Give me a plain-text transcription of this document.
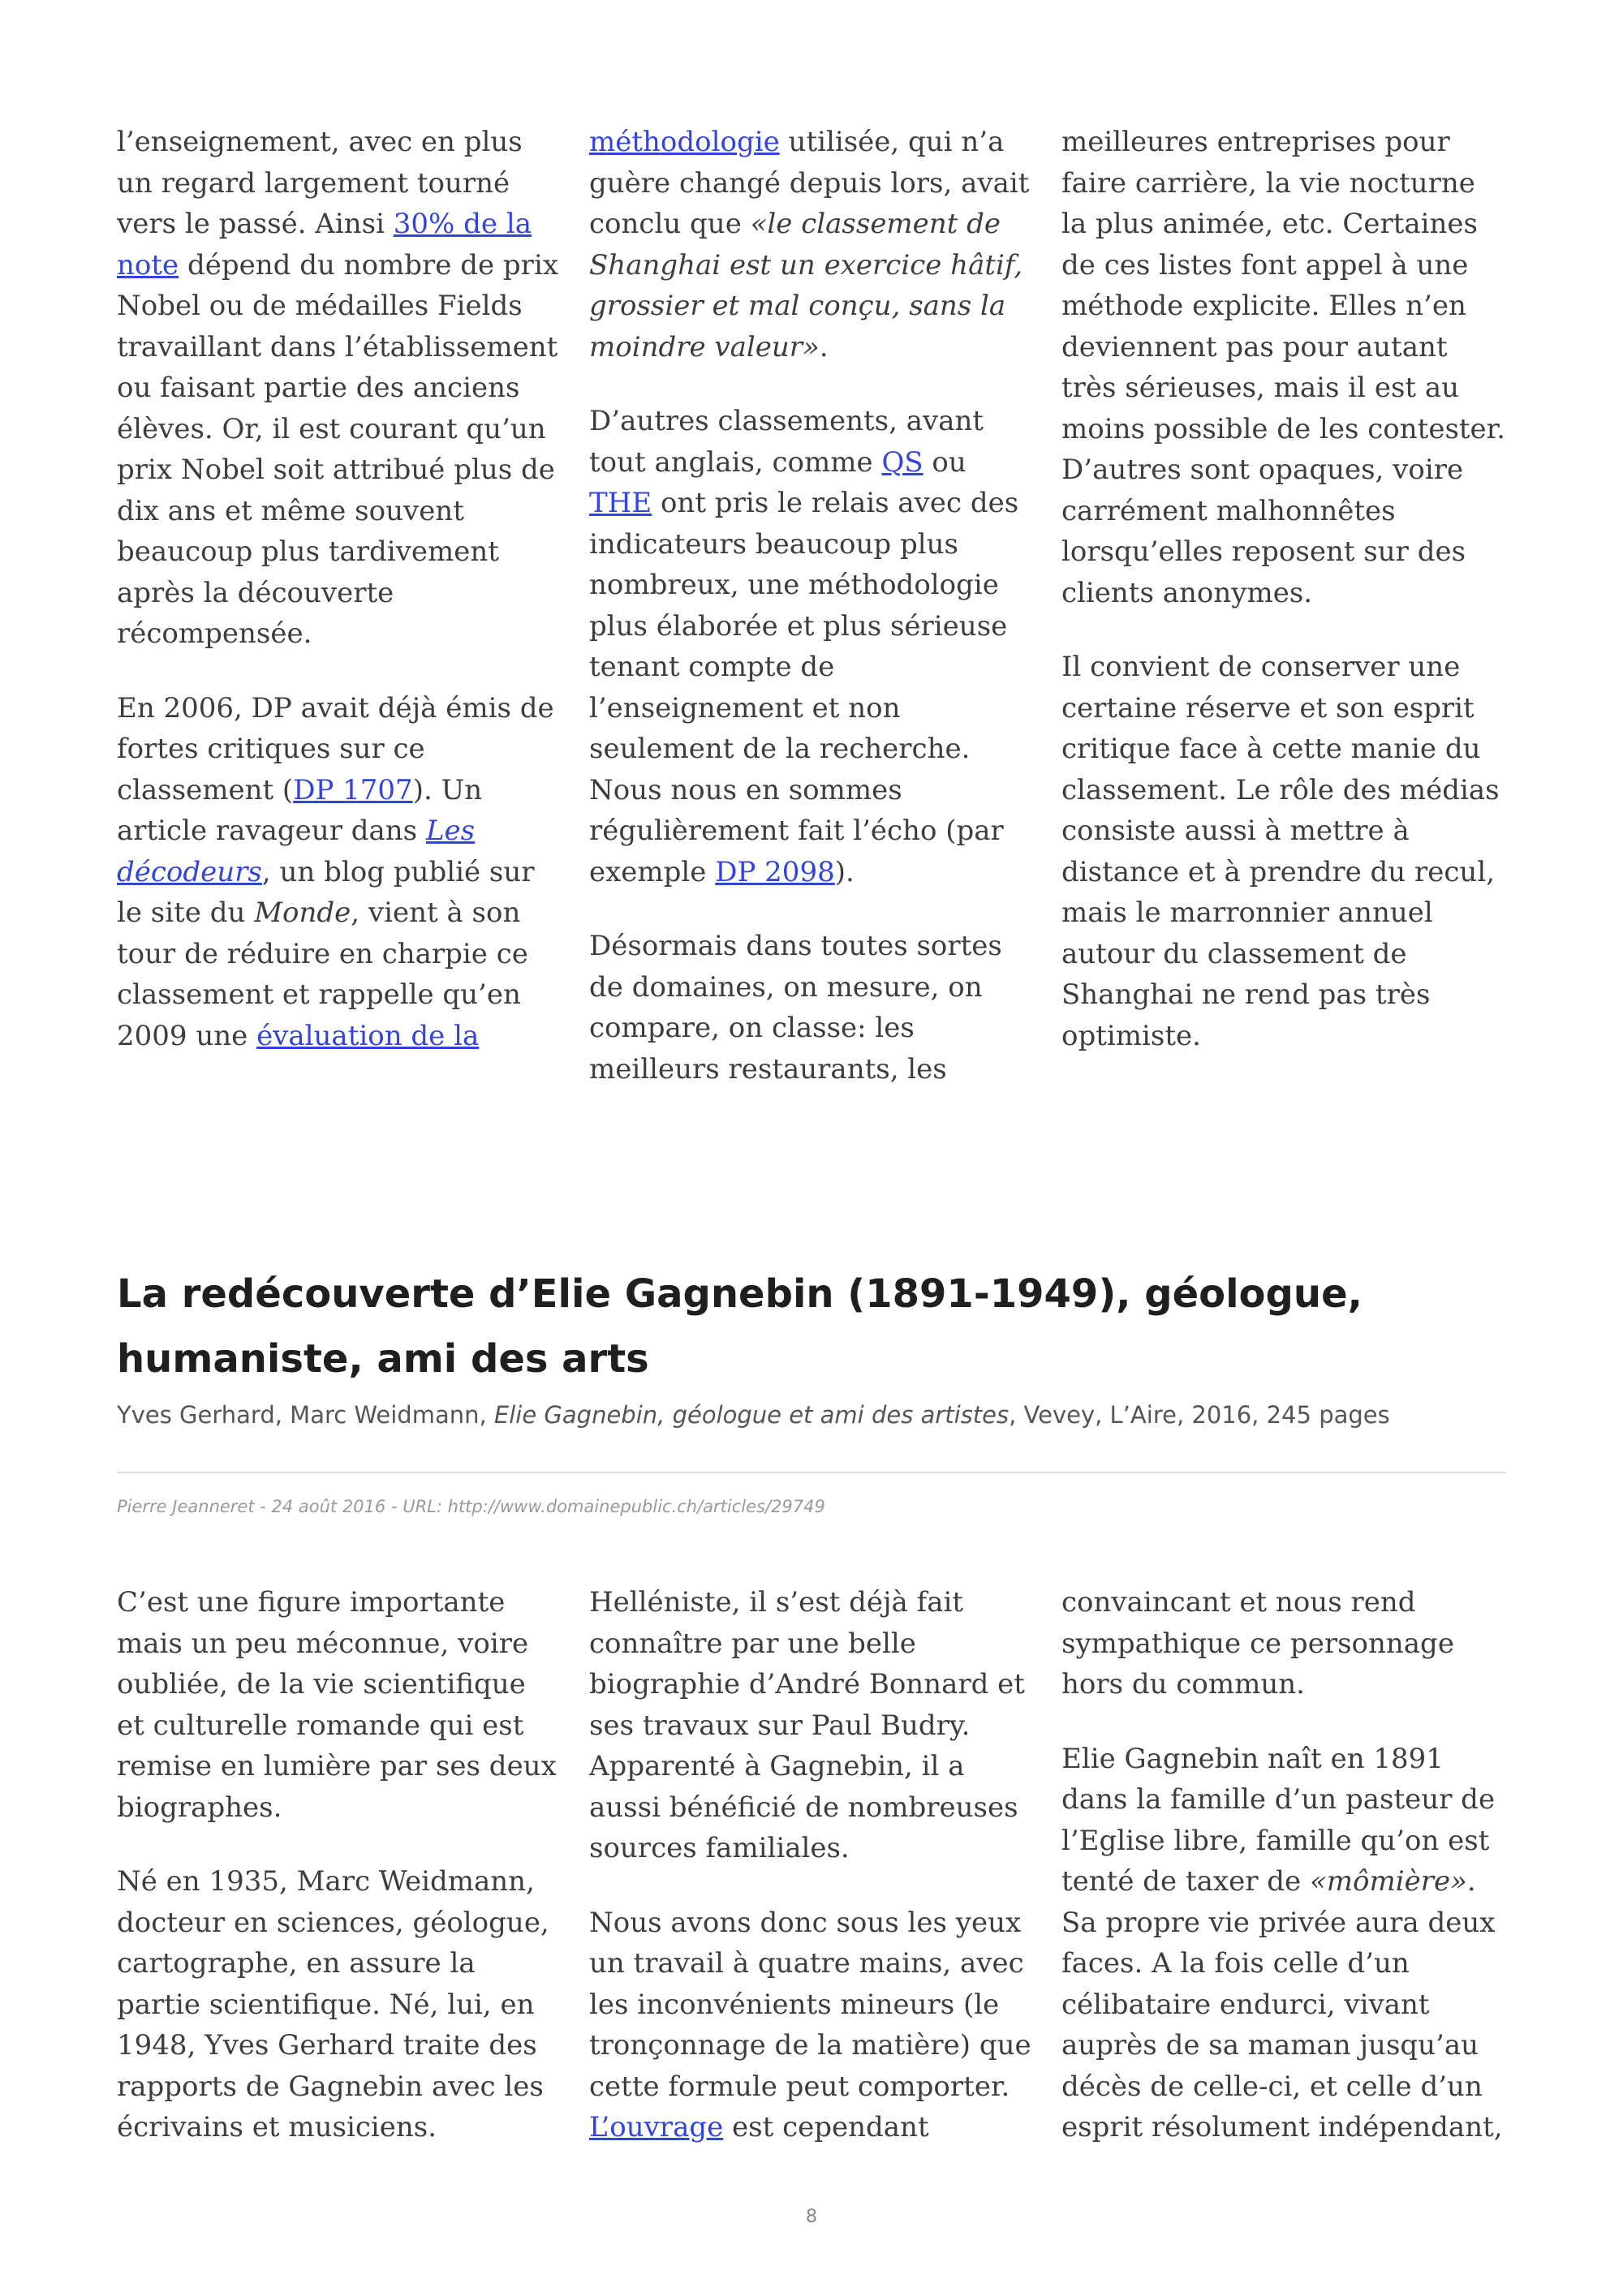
l’enseignement, avec en plus un regard largement tourné vers le passé. Ainsi 30% de la note dépend du nombre de prix Nobel ou de médailles Fields travaillant dans l’établissement ou faisant partie des anciens élèves. Or, il est courant qu’un prix Nobel soit attribué plus de dix ans et même souvent beaucoup plus tardivement après la découverte récompensée.

En 2006, DP avait déjà émis de fortes critiques sur ce classement (DP 1707). Un article ravageur dans Les décodeurs, un blog publié sur le site du Monde, vient à son tour de réduire en charpie ce classement et rappelle qu’en 2009 une évaluation de la

méthodologie utilisée, qui n’a guère changé depuis lors, avait conclu que «le classement de Shanghai est un exercice hâtif, grossier et mal conçu, sans la moindre valeur».

D’autres classements, avant tout anglais, comme QS ou THE ont pris le relais avec des indicateurs beaucoup plus nombreux, une méthodologie plus élaborée et plus sérieuse tenant compte de l’enseignement et non seulement de la recherche. Nous nous en sommes régulièrement fait l’écho (par exemple DP 2098).

Désormais dans toutes sortes de domaines, on mesure, on compare, on classe: les meilleurs restaurants, les

meilleures entreprises pour faire carrière, la vie nocturne la plus animée, etc. Certaines de ces listes font appel à une méthode explicite. Elles n’en deviennent pas pour autant très sérieuses, mais il est au moins possible de les contester. D’autres sont opaques, voire carrément malhonnêtes lorsqu’elles reposent sur des clients anonymes.

Il convient de conserver une certaine réserve et son esprit critique face à cette manie du classement. Le rôle des médias consiste aussi à mettre à distance et à prendre du recul, mais le marronnier annuel autour du classement de Shanghai ne rend pas très optimiste.

La redécouverte d’Elie Gagnebin (1891-1949), géologue, humaniste, ami des arts

Yves Gerhard, Marc Weidmann, Elie Gagnebin, géologue et ami des artistes, Vevey, L’Aire, 2016, 245 pages

Pierre Jeanneret - 24 août 2016 - URL: http://www.domainepublic.ch/articles/29749

C’est une figure importante mais un peu méconnue, voire oubliée, de la vie scientifique et culturelle romande qui est remise en lumière par ses deux biographes.

Né en 1935, Marc Weidmann, docteur en sciences, géologue, cartographe, en assure la partie scientifique. Né, lui, en 1948, Yves Gerhard traite des rapports de Gagnebin avec les écrivains et musiciens.

Helléniste, il s’est déjà fait connaître par une belle biographie d’André Bonnard et ses travaux sur Paul Budry. Apparenté à Gagnebin, il a aussi bénéficié de nombreuses sources familiales.

Nous avons donc sous les yeux un travail à quatre mains, avec les inconvénients mineurs (le tronçonnage de la matière) que cette formule peut comporter. L’ouvrage est cependant

convaincant et nous rend sympathique ce personnage hors du commun.

Elie Gagnebin naît en 1891 dans la famille d’un pasteur de l’Eglise libre, famille qu’on est tenté de taxer de «mômière». Sa propre vie privée aura deux faces. A la fois celle d’un célibataire endurci, vivant auprès de sa maman jusqu’au décès de celle-ci, et celle d’un esprit résolument indépendant,

8
